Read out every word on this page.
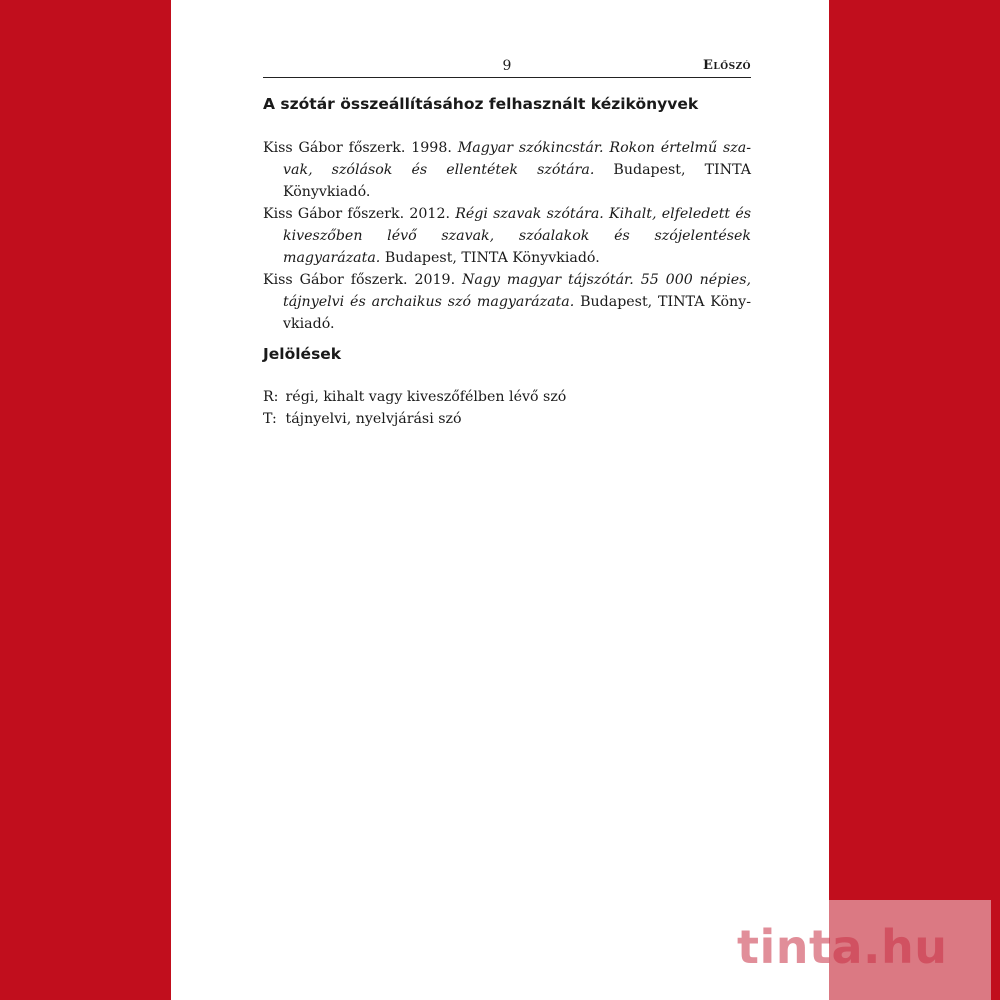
9	Előszó
A szótár összeállításához felhasznált kézikönyvek
Kiss Gábor főszerk. 1998. Magyar szókincstár. Rokon értelmű szavak, szólások és ellentétek szótára. Budapest, TINTA Könyvkiadó.
Kiss Gábor főszerk. 2012. Régi szavak szótára. Kihalt, elfeledett és kiveszőben lévő szavak, szóalakok és szójelentések magyarázata. Budapest, TINTA Könyvkiadó.
Kiss Gábor főszerk. 2019. Nagy magyar tájszótár. 55 000 népies, tájnyelvi és archaikus szó magyarázata. Budapest, TINTA Könyvkiadó.
Jelölések
R: régi, kihalt vagy kiveszőfélben lévő szó
T: tájnyelvi, nyelvjárási szó
tinta.hu
